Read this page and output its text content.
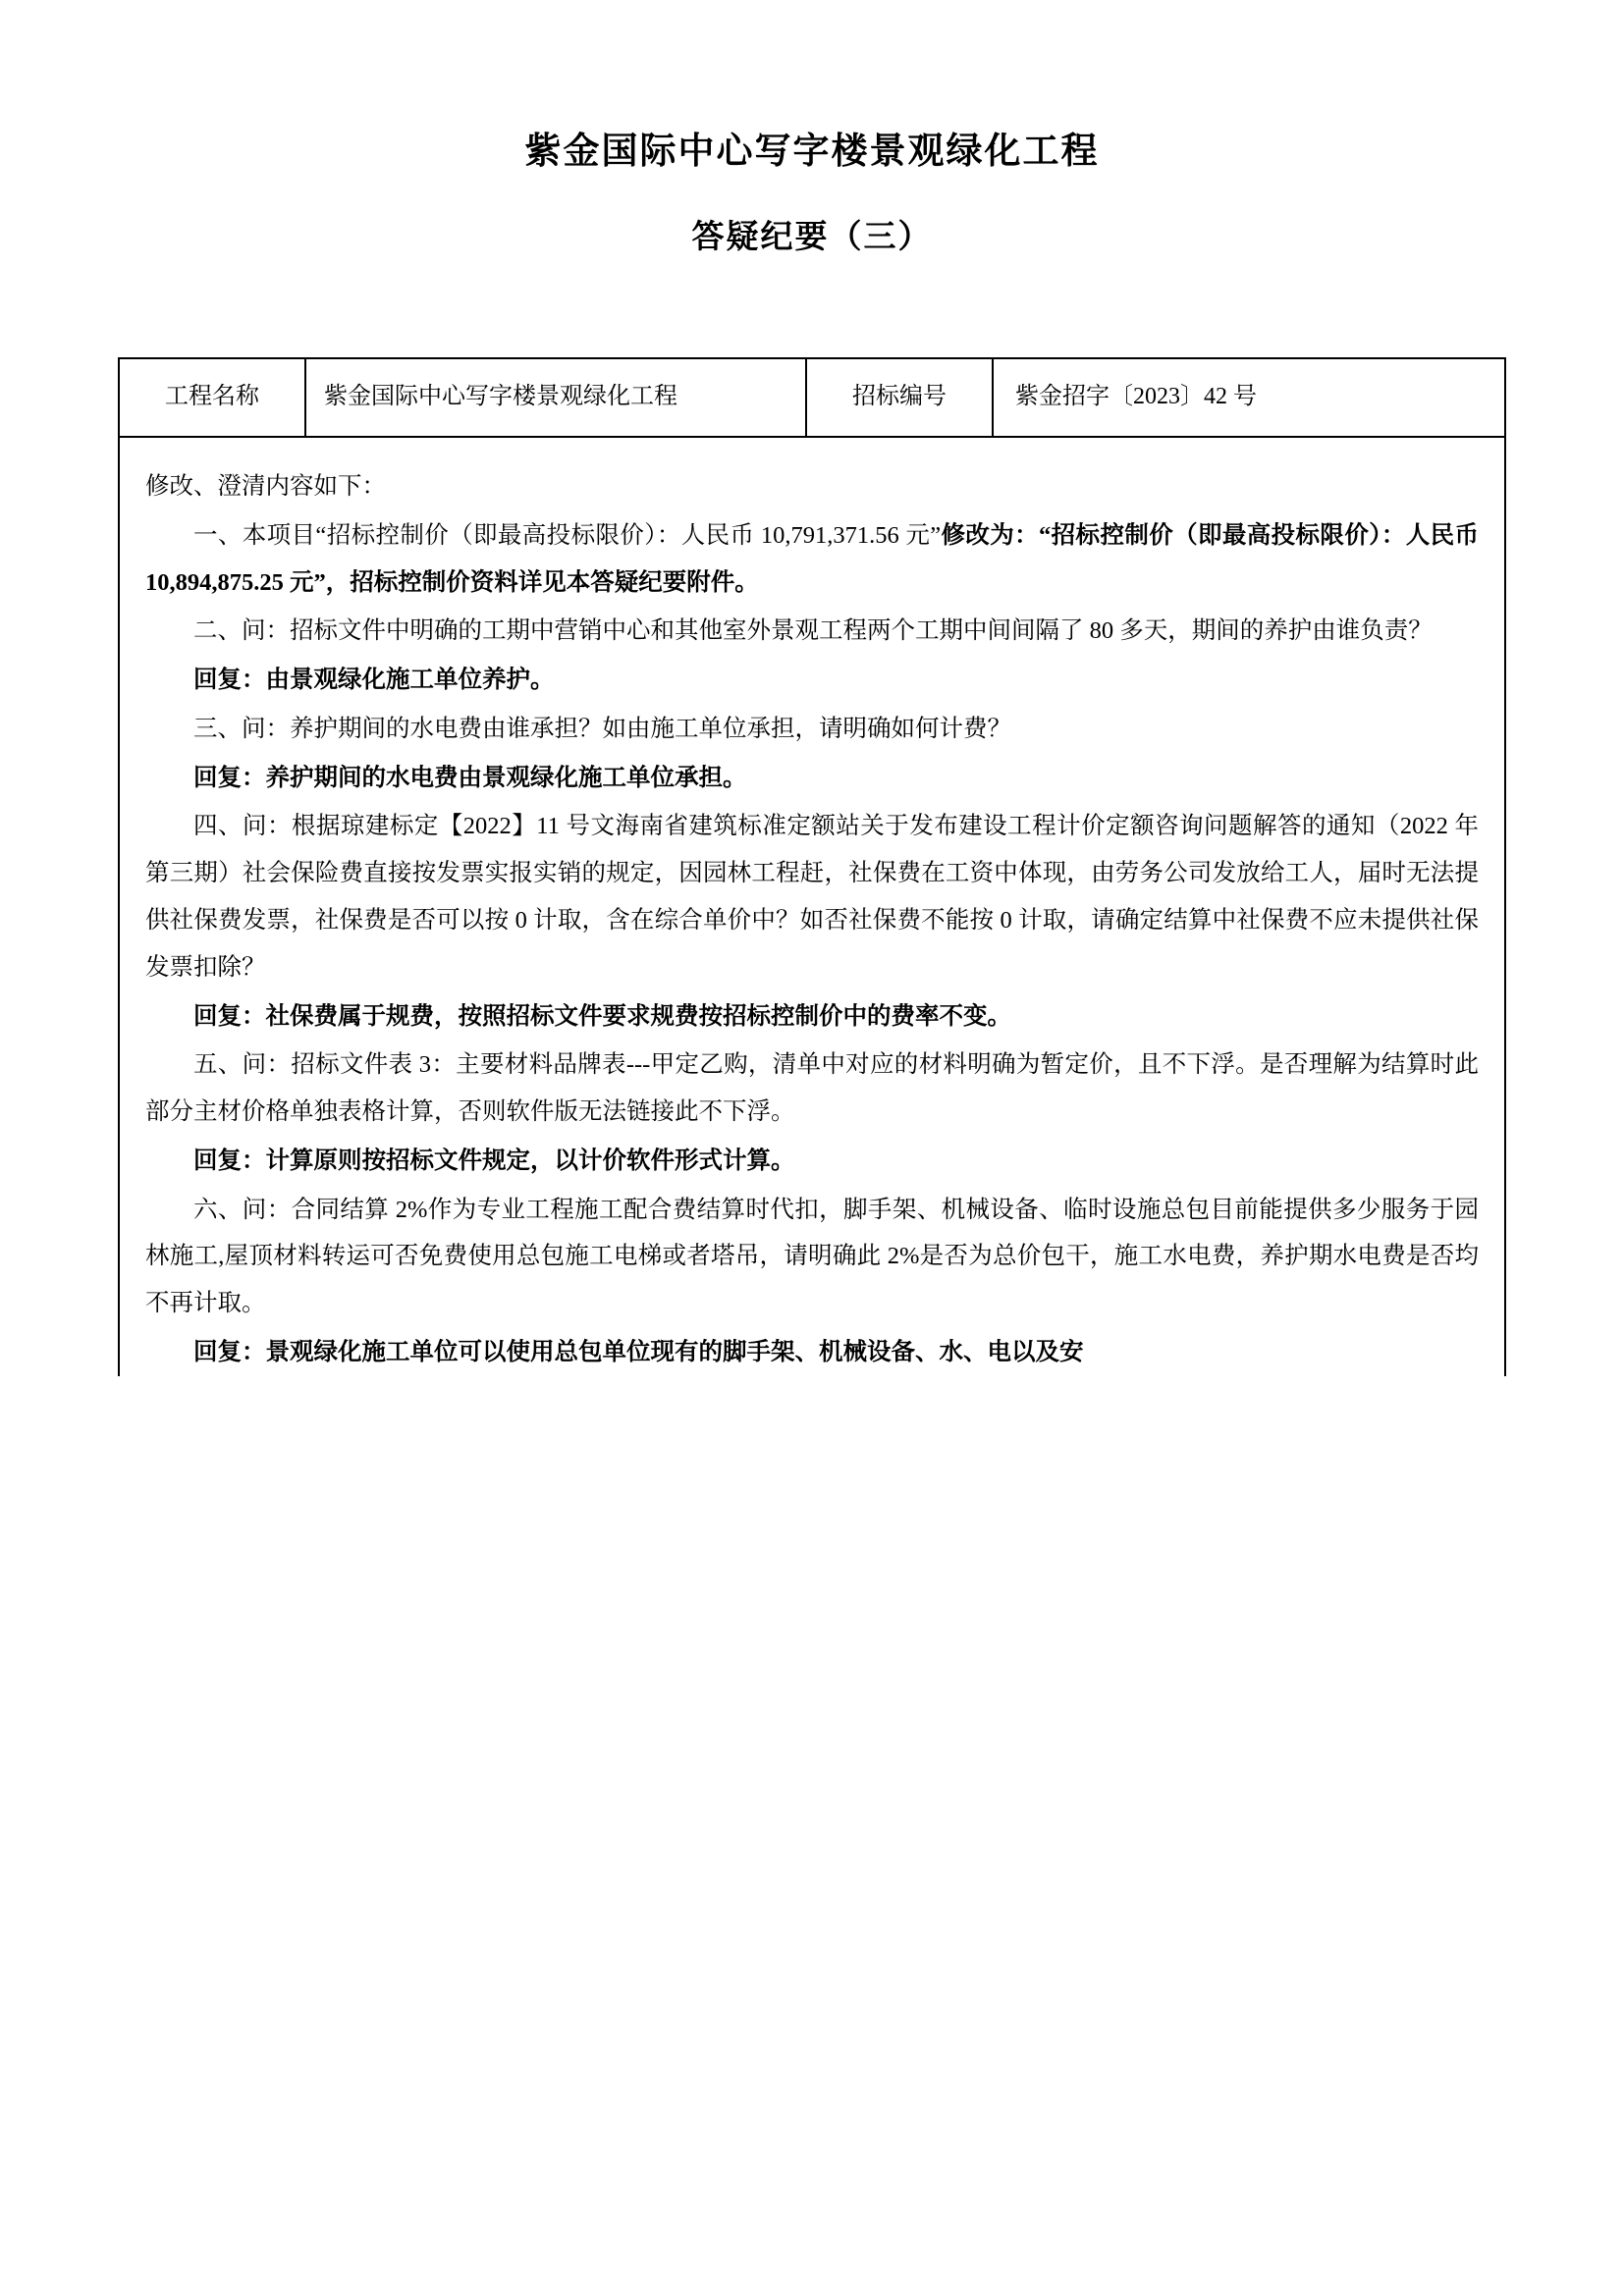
紫金国际中心写字楼景观绿化工程
答疑纪要（三）
工程名称	紫金国际中心写字楼景观绿化工程	招标编号	紫金招字〔2023〕42 号

修改、澄清内容如下：

一、本项目“招标控制价（即最高投标限价）：人民币 10,791,371.56 元”修改为：“招标控制价（即最高投标限价）：人民币 10,894,875.25 元”，招标控制价资料详见本答疑纪要附件。

二、问：招标文件中明确的工期中营销中心和其他室外景观工程两个工期中间间隔了 80 多天，期间的养护由谁负责？

回复：由景观绿化施工单位养护。

三、问：养护期间的水电费由谁承担？如由施工单位承担，请明确如何计费？

回复：养护期间的水电费由景观绿化施工单位承担。

四、问：根据琼建标定【2022】11 号文海南省建筑标准定额站关于发布建设工程计价定额咨询问题解答的通知（2022 年第三期）社会保险费直接按发票实报实销的规定，因园林工程赶，社保费在工资中体现，由劳务公司发放给工人，届时无法提供社保费发票，社保费是否可以按 0 计取，含在综合单价中？如否社保费不能按 0 计取，请确定结算中社保费不应未提供社保发票扣除？

回复：社保费属于规费，按照招标文件要求规费按招标控制价中的费率不变。

五、问：招标文件表 3：主要材料品牌表---甲定乙购，清单中对应的材料明确为暂定价，且不下浮。是否理解为结算时此部分主材价格单独表格计算，否则软件版无法链接此不下浮。

回复：计算原则按招标文件规定，以计价软件形式计算。

六、问：合同结算 2%作为专业工程施工配合费结算时代扣，脚手架、机械设备、临时设施总包目前能提供多少服务于园林施工,屋顶材料转运可否免费使用总包施工电梯或者塔吊，请明确此 2%是否为总价包干，施工水电费，养护期水电费是否均不再计取。

回复：景观绿化施工单位可以使用总包单位现有的脚手架、机械设备、水、电以及安
